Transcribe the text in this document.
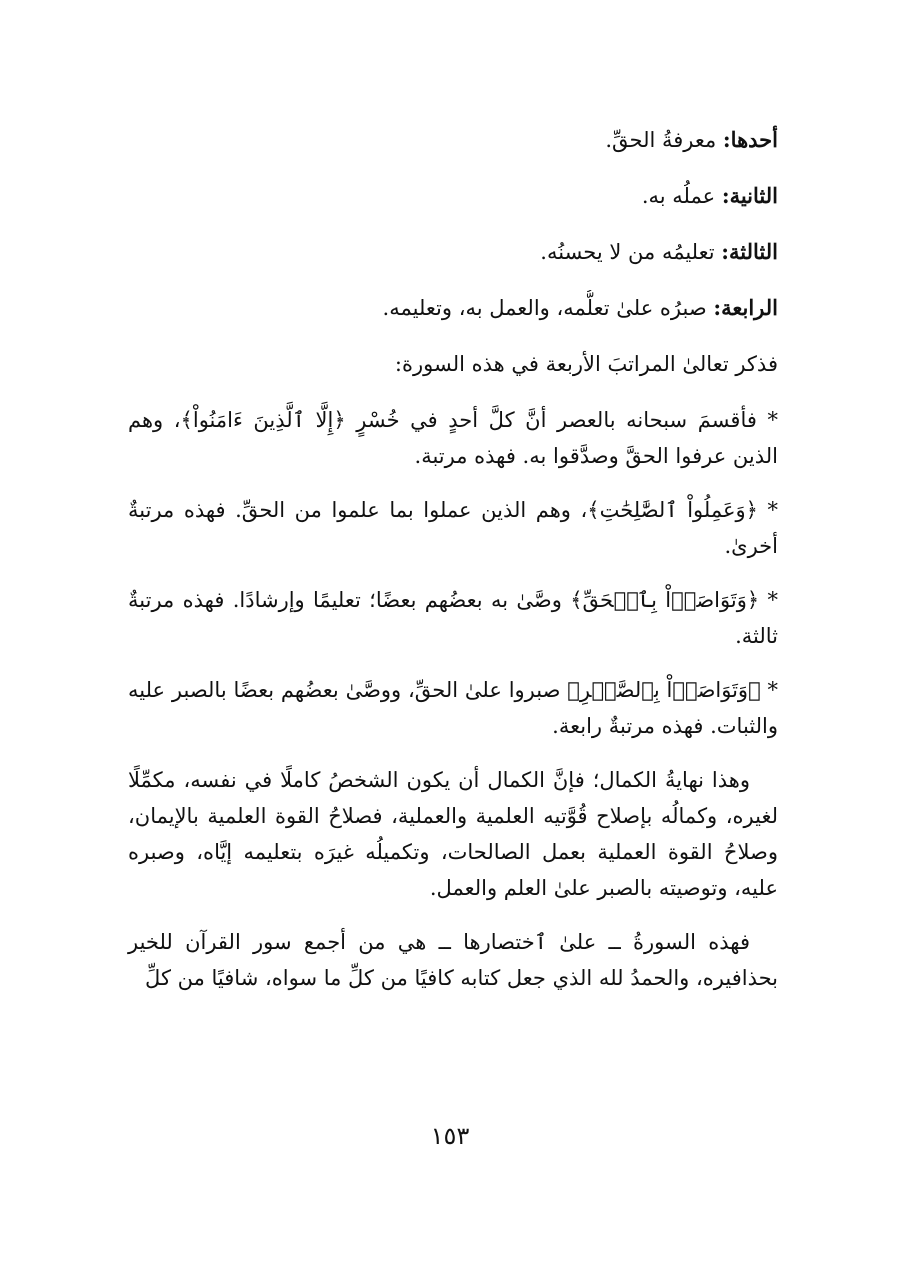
أحدها: معرفةُ الحقِّ.

الثانية: عملُه به.

الثالثة: تعليمُه من لا يحسنُه.

الرابعة: صبرُه علىٰ تعلُّمه، والعمل به، وتعليمه.

فذكر تعالىٰ المراتبَ الأربعة في هذه السورة:

* فأقسمَ سبحانه بالعصر أنَّ كلَّ أحدٍ في خُسْرٍ ﴿إِلَّا ٱلَّذِينَ ءَامَنُواْ﴾، وهم الذين عرفوا الحقَّ وصدَّقوا به. فهذه مرتبة.

* ﴿وَعَمِلُواْ ٱلصَّٰلِحَٰتِ﴾، وهم الذين عملوا بما علموا من الحقِّ. فهذه مرتبةٌ أخرىٰ.

* ﴿وَتَوَاصَوۡاْ بِٱلۡحَقِّ﴾ وصَّىٰ به بعضُهم بعضًا؛ تعليمًا وإرشادًا. فهذه مرتبةٌ ثالثة.

* ﴿وَتَوَاصَوۡاْ بِٱلصَّبۡرِ﴾ صبروا علىٰ الحقِّ، ووصَّىٰ بعضُهم بعضًا بالصبر عليه والثبات. فهذه مرتبةٌ رابعة.

وهذا نهايةُ الكمال؛ فإنَّ الكمال أن يكون الشخصُ كاملًا في نفسه، مكمِّلًا لغيره، وكمالُه بإصلاح قُوَّتيه العلمية والعملية، فصلاحُ القوة العلمية بالإيمان، وصلاحُ القوة العملية بعمل الصالحات، وتكميلُه غيرَه بتعليمه إيَّاه، وصبره عليه، وتوصيته بالصبر علىٰ العلم والعمل.

فهذه السورةُ ــ علىٰ ٱختصارها ــ هي من أجمع سور القرآن للخير بحذافيره، والحمدُ لله الذي جعل كتابه كافيًا من كلِّ ما سواه، شافيًا من كلِّ

١٥٣
